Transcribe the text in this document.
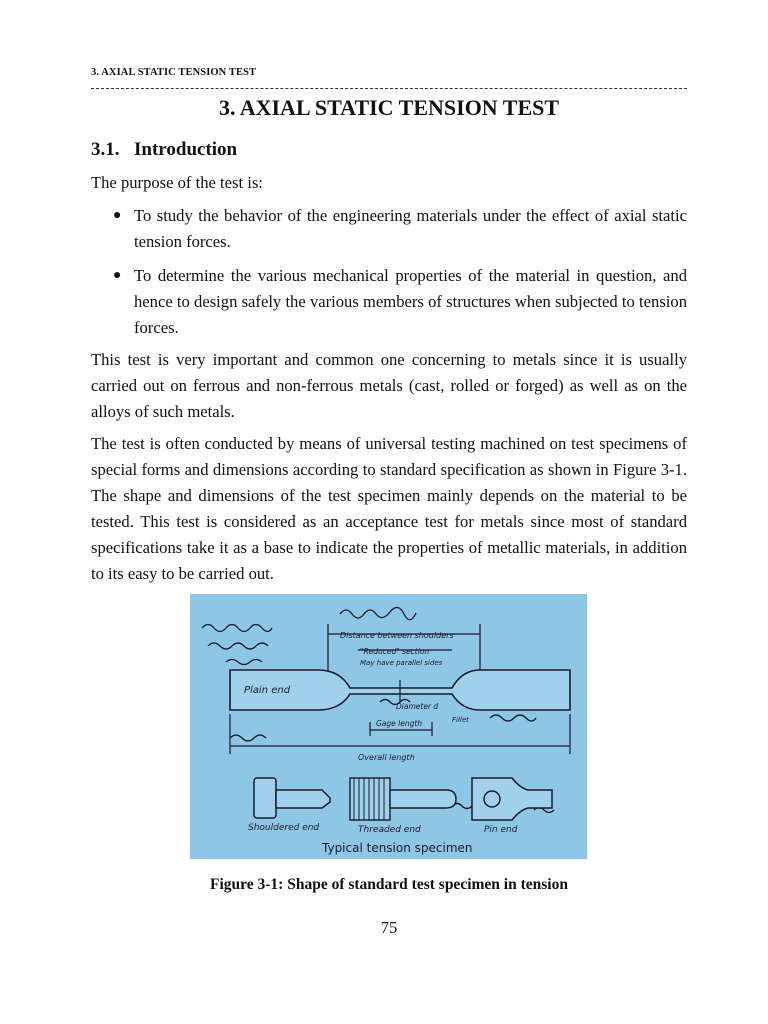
3. AXIAL STATIC TENSION TEST
3. AXIAL STATIC TENSION TEST
3.1. Introduction
The purpose of the test is:
● To study the behavior of the engineering materials under the effect of axial static tension forces.
● To determine the various mechanical properties of the material in question, and hence to design safely the various members of structures when subjected to tension forces.

This test is very important and common one concerning to metals since it is usually carried out on ferrous and non-ferrous metals (cast, rolled or forged) as well as on the alloys of such metals.

The test is often conducted by means of universal testing machined on test specimens of special forms and dimensions according to standard specification as shown in Figure 3-1. The shape and dimensions of the test specimen mainly depends on the material to be tested. This test is considered as an acceptance test for metals since most of standard specifications take it as a base to indicate the properties of metallic materials, in addition to its easy to be carried out.

Distance between shoulders
"Reduced" section
May have parallel sides
Plain end
Diameter d
Gage length	Fillet
Overall length
Shouldered end	Threaded end	Pin end
Typical tension specimen
Figure 3-1: Shape of standard test specimen in tension
75
